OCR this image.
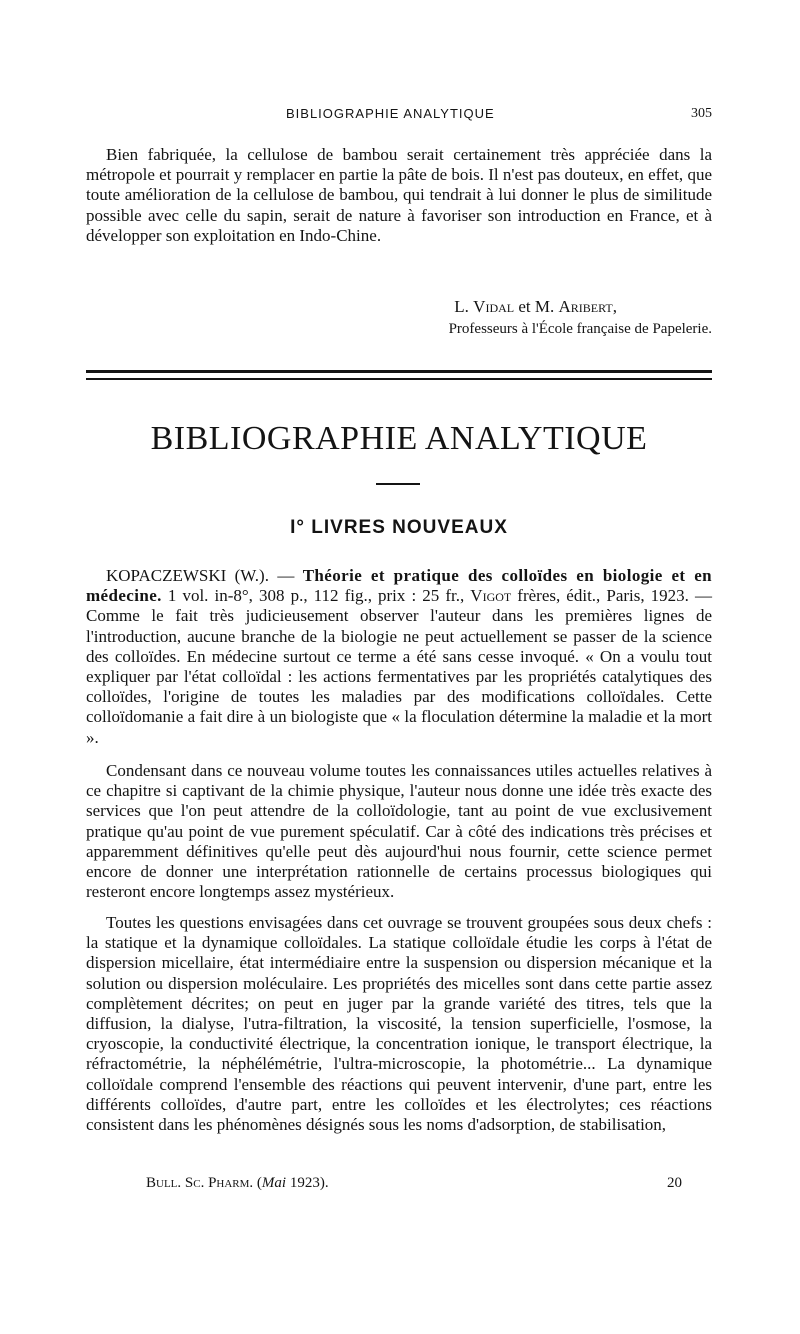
BIBLIOGRAPHIE ANALYTIQUE	305

Bien fabriquée, la cellulose de bambou serait certainement très appréciée dans la métropole et pourrait y remplacer en partie la pâte de bois. Il n'est pas douteux, en effet, que toute amélioration de la cellulose de bambou, qui tendrait à lui donner le plus de similitude possible avec celle du sapin, serait de nature à favoriser son introduction en France, et à développer son exploitation en Indo-Chine.

L. Vidal et M. Aribert,
Professeurs à l'École française de Papelerie.
BIBLIOGRAPHIE ANALYTIQUE
I° LIVRES NOUVEAUX

KOPACZEWSKI (W.). — Théorie et pratique des colloïdes en biologie et en médecine. 1 vol. in-8°, 308 p., 112 fig., prix : 25 fr., Vigot frères, édit., Paris, 1923. — Comme le fait très judicieusement observer l'auteur dans les premières lignes de l'introduction, aucune branche de la biologie ne peut actuellement se passer de la science des colloïdes. En médecine surtout ce terme a été sans cesse invoqué. « On a voulu tout expliquer par l'état colloïdal : les actions fermentatives par les propriétés catalytiques des colloïdes, l'origine de toutes les maladies par des modifications colloïdales. Cette colloïdomanie a fait dire à un biologiste que « la floculation détermine la maladie et la mort ».

Condensant dans ce nouveau volume toutes les connaissances utiles actuelles relatives à ce chapitre si captivant de la chimie physique, l'auteur nous donne une idée très exacte des services que l'on peut attendre de la colloïdologie, tant au point de vue exclusivement pratique qu'au point de vue purement spéculatif. Car à côté des indications très précises et apparemment définitives qu'elle peut dès aujourd'hui nous fournir, cette science permet encore de donner une interprétation rationnelle de certains processus biologiques qui resteront encore longtemps assez mystérieux.

Toutes les questions envisagées dans cet ouvrage se trouvent groupées sous deux chefs : la statique et la dynamique colloïdales. La statique colloïdale étudie les corps à l'état de dispersion micellaire, état intermédiaire entre la suspension ou dispersion mécanique et la solution ou dispersion moléculaire. Les propriétés des micelles sont dans cette partie assez complètement décrites; on peut en juger par la grande variété des titres, tels que la diffusion, la dialyse, l'utra-filtration, la viscosité, la tension superficielle, l'osmose, la cryoscopie, la conductivité électrique, la concentration ionique, le transport électrique, la réfractométrie, la néphélémétrie, l'ultra-microscopie, la photométrie... La dynamique colloïdale comprend l'ensemble des réactions qui peuvent intervenir, d'une part, entre les différents colloïdes, d'autre part, entre les colloïdes et les électrolytes; ces réactions consistent dans les phénomènes désignés sous les noms d'adsorption, de stabilisation,

Bull. Sc. Pharm. (Mai 1923).	20
